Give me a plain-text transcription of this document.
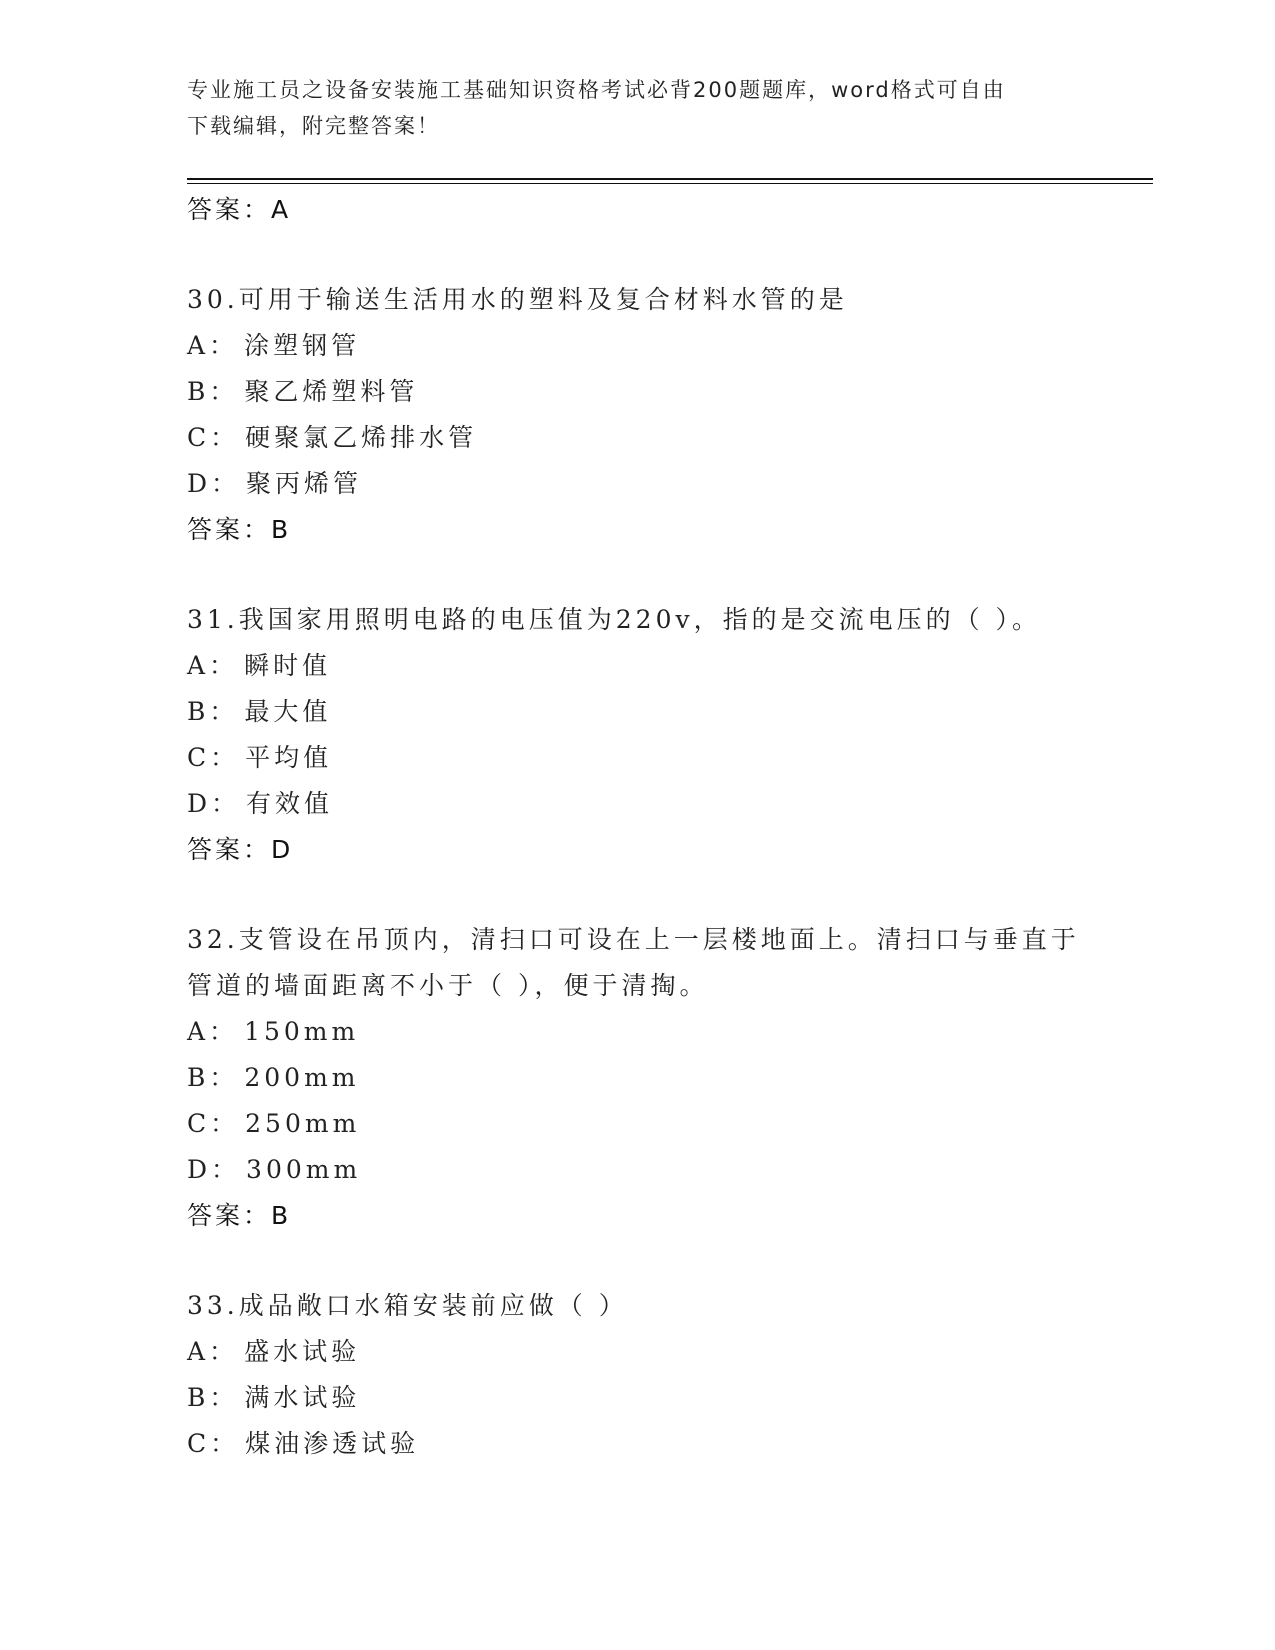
专业施工员之设备安装施工基础知识资格考试必背200题题库，word格式可自由
下载编辑，附完整答案！
答案：A
30.可用于输送生活用水的塑料及复合材料水管的是
A： 涂塑钢管
B： 聚乙烯塑料管
C： 硬聚氯乙烯排水管
D： 聚丙烯管
答案：B
31.我国家用照明电路的电压值为220v，指的是交流电压的（ ）。
A： 瞬时值
B： 最大值
C： 平均值
D： 有效值
答案：D
32.支管设在吊顶内，清扫口可设在上一层楼地面上。清扫口与垂直于管道的墙面距离不小于（ ），便于清掏。
A： 150mm
B： 200mm
C： 250mm
D： 300mm
答案：B
33.成品敞口水箱安装前应做（ ）
A： 盛水试验
B： 满水试验
C： 煤油渗透试验
